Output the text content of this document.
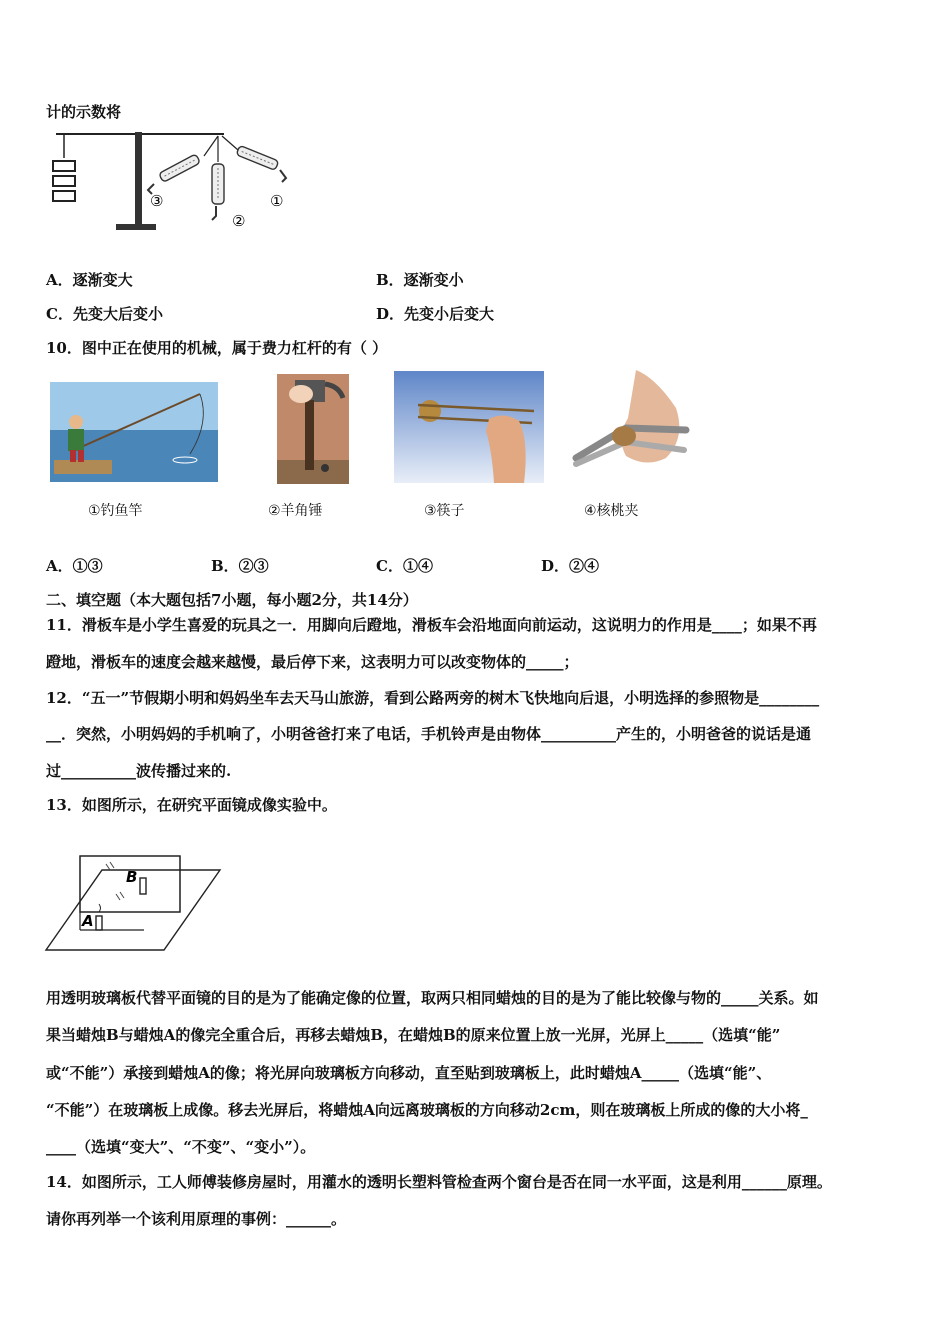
计的示数将
③
②
①
A．逐渐变大	B．逐渐变小
C．先变大后变小	D．先变小后变大
10．图中正在使用的机械，属于费力杠杆的有（ ）
①钓鱼竿	②羊角锤	③筷子	④核桃夹
A．①③	B．②③	C．①④	D．②④
二、填空题（本大题包括7小题，每小题2分，共14分）
11．滑板车是小学生喜爱的玩具之一．用脚向后蹬地，滑板车会沿地面向前运动，这说明力的作用是____；如果不再
蹬地，滑板车的速度会越来越慢，最后停下来，这表明力可以改变物体的_____；
12．“五一”节假期小明和妈妈坐车去天马山旅游，看到公路两旁的树木飞快地向后退，小明选择的参照物是________
__．突然，小明妈妈的手机响了，小明爸爸打来了电话，手机铃声是由物体__________产生的，小明爸爸的说话是通
过__________波传播过来的.
13．如图所示，在研究平面镜成像实验中。
B
A
用透明玻璃板代替平面镜的目的是为了能确定像的位置，取两只相同蜡烛的目的是为了能比较像与物的_____关系。如
果当蜡烛B与蜡烛A的像完全重合后，再移去蜡烛B，在蜡烛B的原来位置上放一光屏，光屏上_____（选填“能”
或“不能”）承接到蜡烛A的像；将光屏向玻璃板方向移动，直至贴到玻璃板上，此时蜡烛A_____（选填“能”、
“不能”）在玻璃板上成像。移去光屏后，将蜡烛A向远离玻璃板的方向移动2cm，则在玻璃板上所成的像的大小将_
____（选填“变大”、“不变”、“变小”）。
14．如图所示，工人师傅装修房屋时，用灌水的透明长塑料管检查两个窗台是否在同一水平面，这是利用______原理。
请你再列举一个该利用原理的事例：______。
